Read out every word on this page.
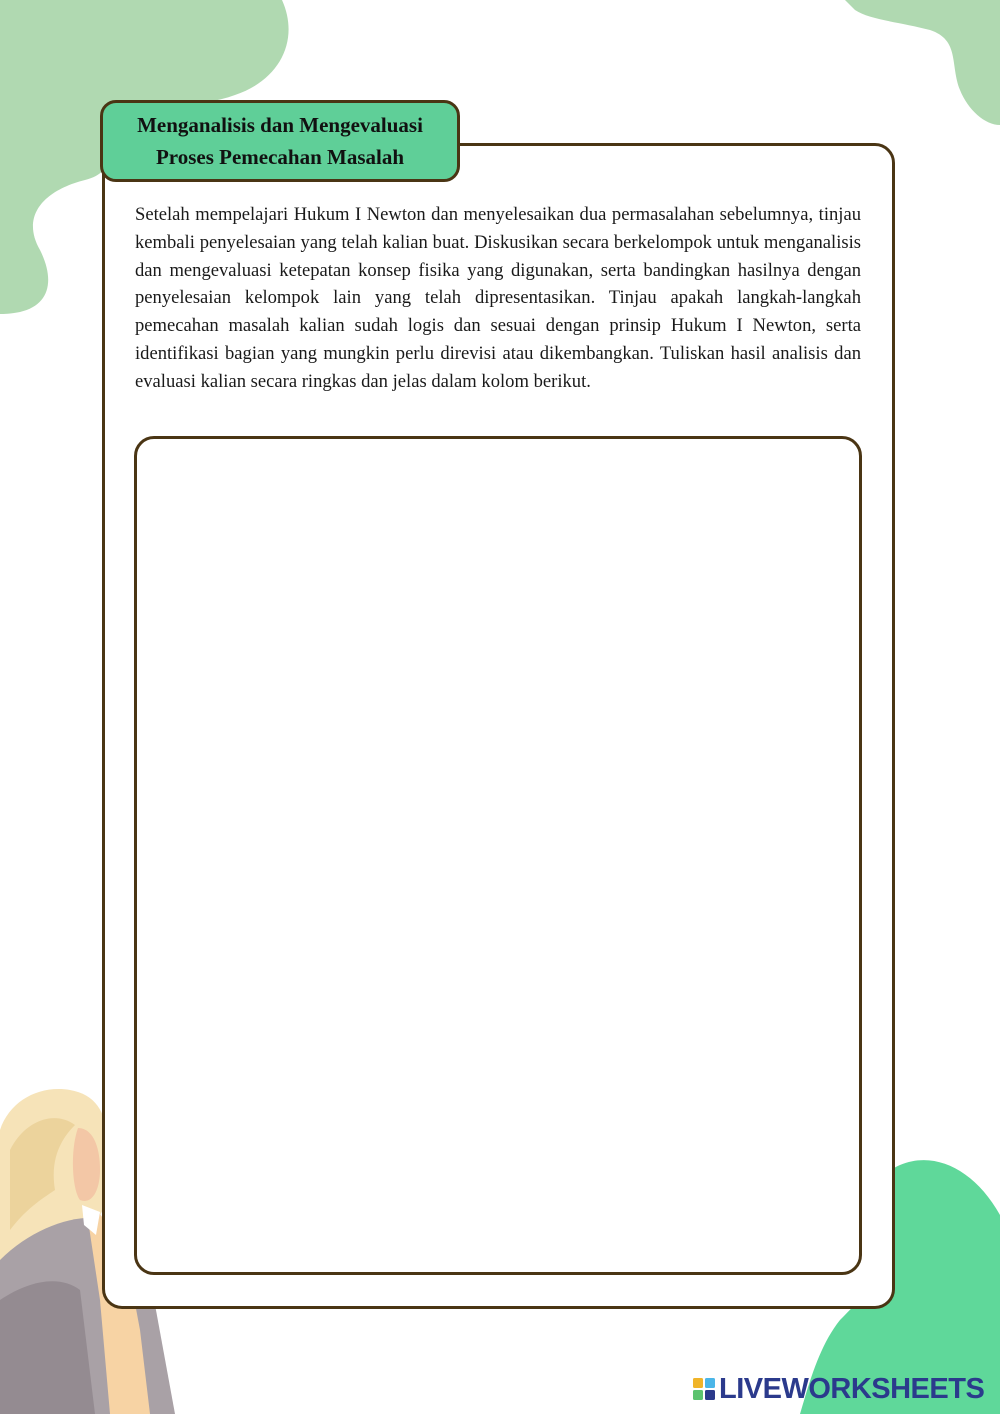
Menganalisis dan Mengevaluasi
Proses Pemecahan Masalah

Setelah mempelajari Hukum I Newton dan menyelesaikan dua permasalahan sebelumnya, tinjau kembali penyelesaian yang telah kalian buat. Diskusikan secara berkelompok untuk menganalisis dan mengevaluasi ketepatan konsep fisika yang digunakan, serta bandingkan hasilnya dengan penyelesaian kelompok lain yang telah dipresentasikan. Tinjau apakah langkah-langkah pemecahan masalah kalian sudah logis dan sesuai dengan prinsip Hukum I Newton, serta identifikasi bagian yang mungkin perlu direvisi atau dikembangkan. Tuliskan hasil analisis dan evaluasi kalian secara ringkas dan jelas dalam kolom berikut.

LIVEWORKSHEETS
